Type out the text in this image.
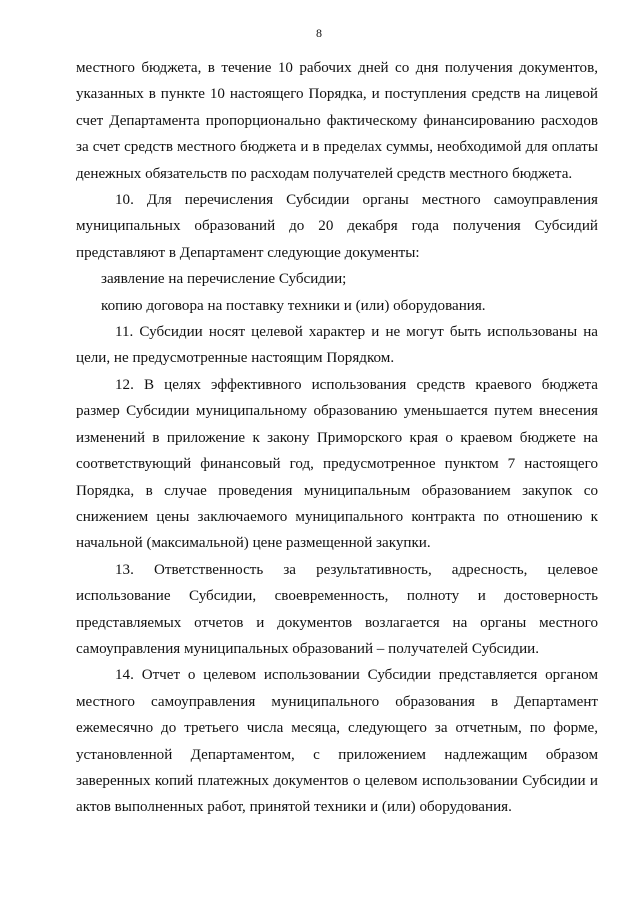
8

местного бюджета, в течение 10 рабочих дней со дня получения документов, указанных в пункте 10 настоящего Порядка, и поступления средств на лицевой счет Департамента пропорционально фактическому финансированию расходов за счет средств местного бюджета и в пределах суммы, необходимой для оплаты денежных обязательств по расходам получателей средств местного бюджета.

10. Для перечисления Субсидии органы местного самоуправления муниципальных образований до 20 декабря года получения Субсидий представляют в Департамент следующие документы:

заявление на перечисление Субсидии;

копию договора на поставку техники и (или) оборудования.

11. Субсидии носят целевой характер и не могут быть использованы на цели, не предусмотренные настоящим Порядком.

12. В целях эффективного использования средств краевого бюджета размер Субсидии муниципальному образованию уменьшается путем внесения изменений в приложение к закону Приморского края о краевом бюджете на соответствующий финансовый год, предусмотренное пунктом 7 настоящего Порядка, в случае проведения муниципальным образованием закупок со снижением цены заключаемого муниципального контракта по отношению к начальной (максимальной) цене размещенной закупки.

13. Ответственность за результативность, адресность, целевое использование Субсидии, своевременность, полноту и достоверность представляемых отчетов и документов возлагается на органы местного самоуправления муниципальных образований – получателей Субсидии.

14. Отчет о целевом использовании Субсидии представляется органом местного самоуправления муниципального образования в Департамент ежемесячно до третьего числа месяца, следующего за отчетным, по форме, установленной Департаментом, с приложением надлежащим образом заверенных копий платежных документов о целевом использовании Субсидии и актов выполненных работ, принятой техники и (или) оборудования.
